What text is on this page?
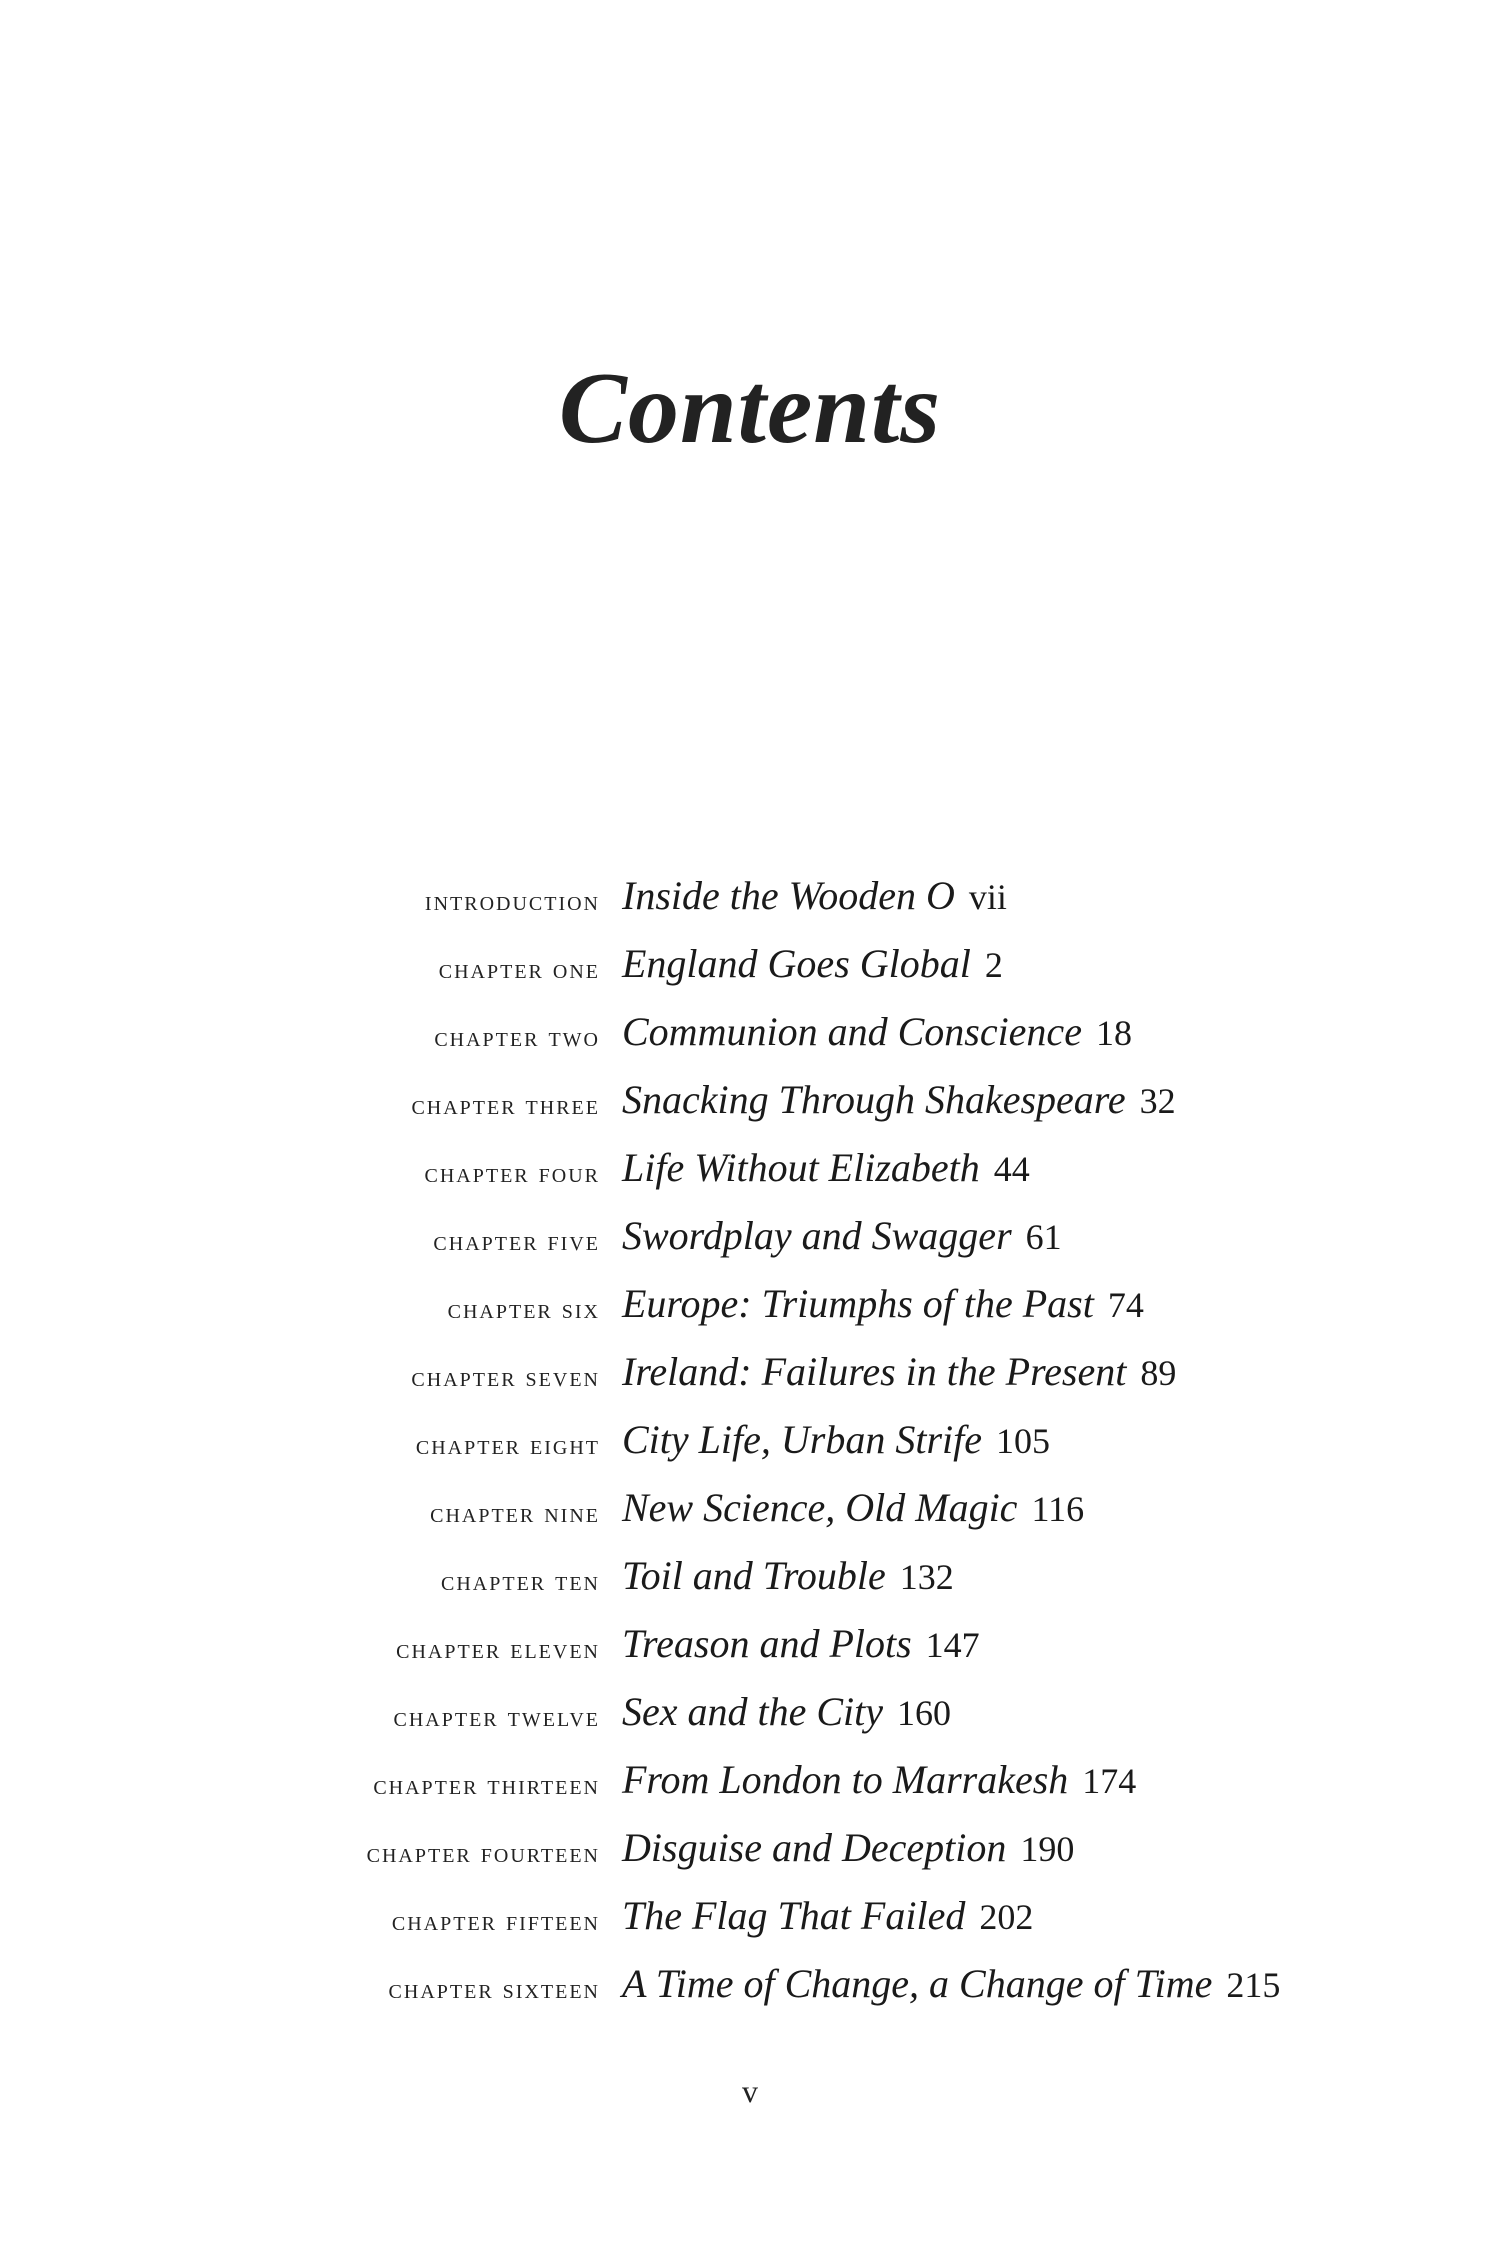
Contents
introduction Inside the Wooden O vii
chapter one England Goes Global 2
chapter two Communion and Conscience 18
chapter three Snacking Through Shakespeare 32
chapter four Life Without Elizabeth 44
chapter five Swordplay and Swagger 61
chapter six Europe: Triumphs of the Past 74
chapter seven Ireland: Failures in the Present 89
chapter eight City Life, Urban Strife 105
chapter nine New Science, Old Magic 116
chapter ten Toil and Trouble 132
chapter eleven Treason and Plots 147
chapter twelve Sex and the City 160
chapter thirteen From London to Marrakesh 174
chapter fourteen Disguise and Deception 190
chapter fifteen The Flag That Failed 202
chapter sixteen A Time of Change, a Change of Time 215
v
